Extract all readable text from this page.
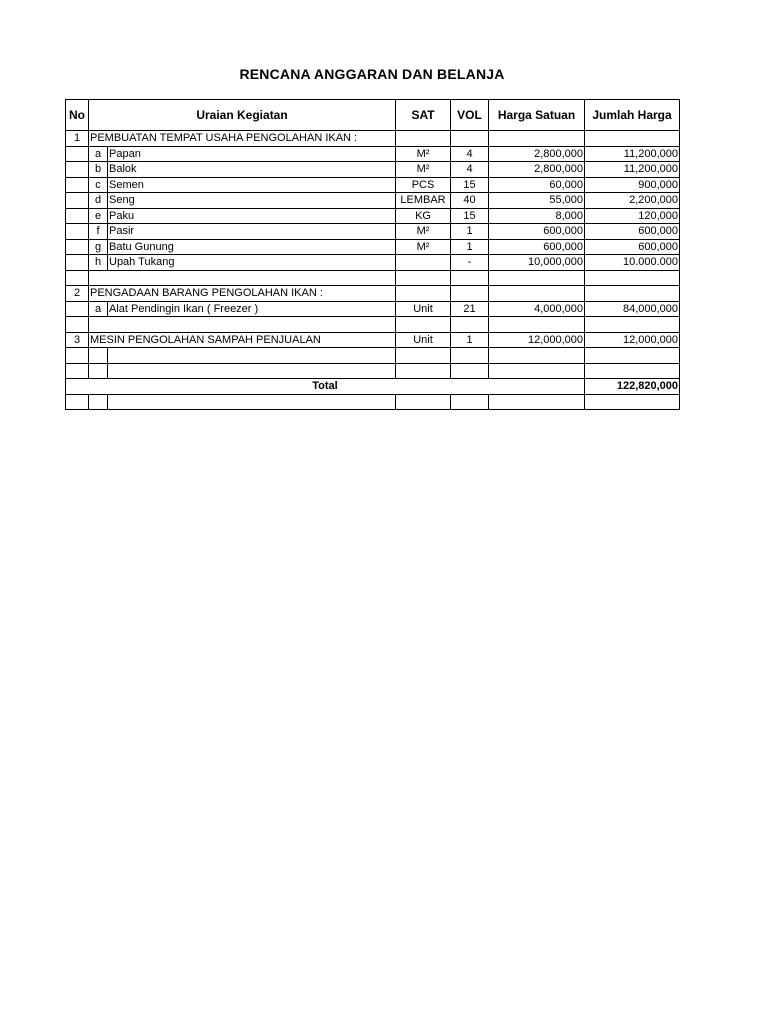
RENCANA ANGGARAN DAN BELANJA
No	Uraian Kegiatan		SAT	VOL	Harga Satuan	Jumlah Harga
1	PEMBUATAN TEMPAT USAHA PENGOLAHAN IKAN :					
	a	Papan	M²	4	2,800,000	11,200,000
	b	Balok	M²	4	2,800,000	11,200,000
	c	Semen	PCS	15	60,000	900,000
	d	Seng	LEMBAR	40	55,000	2,200,000
	e	Paku	KG	15	8,000	120,000
	f	Pasir	M²	1	600,000	600,000
	g	Batu Gunung	M²	1	600,000	600,000
	h	Upah Tukang		-	10,000,000	10.000.000

2	PENGADAAN BARANG PENGOLAHAN IKAN :					
	a	Alat Pendingin Ikan ( Freezer )	Unit	21	4,000,000	84,000,000

3	MESIN PENGOLAHAN SAMPAH PENJUALAN		Unit	1	12,000,000	12,000,000

Total						122,820,000
